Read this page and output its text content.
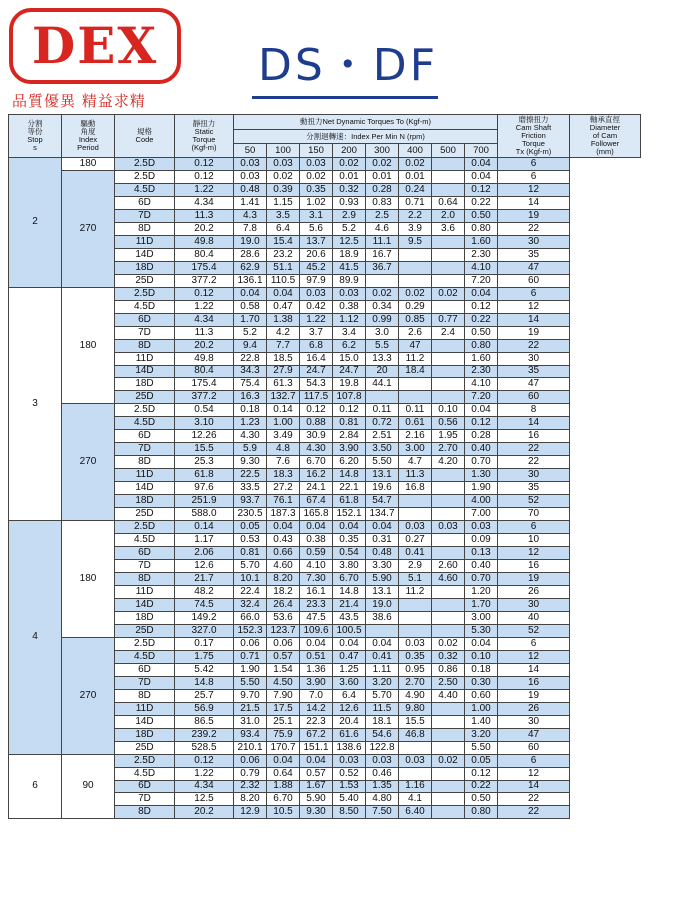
DEX
品質優異 精益求精
DS・DF
分割
等份
Stop
s	驅動
角度
Index
Period	規格
Code	靜扭力
Static
Torque
(Kgf-m)	動扭力Net Dynamic Torques To (Kgf-m)								磨擦扭力
Cam Shaft
Friction
Torque
Tx (Kgf-m)	軸承直徑
Diameter
of Cam
Follower
(mm)

				分割迴轉速：Index Per Min N (rpm)									
				50	100	150	200	300	400	500	700		
2	180	2.5D	0.12	0.03	0.03	0.03	0.02	0.02	0.02		0.04	6	
	270	2.5D	0.12	0.03	0.02	0.02	0.01	0.01	0.01		0.04	6	
		4.5D	1.22	0.48	0.39	0.35	0.32	0.28	0.24		0.12	12	
		6D	4.34	1.41	1.15	1.02	0.93	0.83	0.71	0.64	0.22	14	
		7D	11.3	4.3	3.5	3.1	2.9	2.5	2.2	2.0	0.50	19	
		8D	20.2	7.8	6.4	5.6	5.2	4.6	3.9	3.6	0.80	22	
		11D	49.8	19.0	15.4	13.7	12.5	11.1	9.5		1.60	30	
		14D	80.4	28.6	23.2	20.6	18.9	16.7			2.30	35	
		18D	175.4	62.9	51.1	45.2	41.5	36.7			4.10	47	
		25D	377.2	136.1	110.5	97.9	89.9				7.20	60	
3	180	2.5D	0.12	0.04	0.04	0.03	0.03	0.02	0.02	0.02	0.04	6	
		4.5D	1.22	0.58	0.47	0.42	0.38	0.34	0.29		0.12	12	
		6D	4.34	1.70	1.38	1.22	1.12	0.99	0.85	0.77	0.22	14	
		7D	11.3	5.2	4.2	3.7	3.4	3.0	2.6	2.4	0.50	19	
		8D	20.2	9.4	7.7	6.8	6.2	5.5	47		0.80	22	
		11D	49.8	22.8	18.5	16.4	15.0	13.3	11.2		1.60	30	
		14D	80.4	34.3	27.9	24.7	24.7	20	18.4		2.30	35	
		18D	175.4	75.4	61.3	54.3	19.8	44.1			4.10	47	
		25D	377.2	16.3	132.7	117.5	107.8				7.20	60	
	270	2.5D	0.54	0.18	0.14	0.12	0.12	0.11	0.11	0.10	0.04	8	
		4.5D	3.10	1.23	1.00	0.88	0.81	0.72	0.61	0.56	0.12	14	
		6D	12.26	4.30	3.49	30.9	2.84	2.51	2.16	1.95	0.28	16	
		7D	15.5	5.9	4.8	4.30	3.90	3.50	3.00	2.70	0.40	22	
		8D	25.3	9.30	7.6	6.70	6.20	5.50	4.7	4.20	0.70	22	
		11D	61.8	22.5	18.3	16.2	14.8	13.1	11.3		1.30	30	
		14D	97.6	33.5	27.2	24.1	22.1	19.6	16.8		1.90	35	
		18D	251.9	93.7	76.1	67.4	61.8	54.7			4.00	52	
		25D	588.0	230.5	187.3	165.8	152.1	134.7			7.00	70	
4	180	2.5D	0.14	0.05	0.04	0.04	0.04	0.04	0.03	0.03	0.03	6	
		4.5D	1.17	0.53	0.43	0.38	0.35	0.31	0.27		0.09	10	
		6D	2.06	0.81	0.66	0.59	0.54	0.48	0.41		0.13	12	
		7D	12.6	5.70	4.60	4.10	3.80	3.30	2.9	2.60	0.40	16	
		8D	21.7	10.1	8.20	7.30	6.70	5.90	5.1	4.60	0.70	19	
		11D	48.2	22.4	18.2	16.1	14.8	13.1	11.2		1.20	26	
		14D	74.5	32.4	26.4	23.3	21.4	19.0			1.70	30	
		18D	149.2	66.0	53.6	47.5	43.5	38.6			3.00	40	
		25D	327.0	152.3	123.7	109.6	100.5				5.30	52	
	270	2.5D	0.17	0.06	0.06	0.04	0.04	0.04	0.03	0.02	0.04	6	
		4.5D	1.75	0.71	0.57	0.51	0.47	0.41	0.35	0.32	0.10	12	
		6D	5.42	1.90	1.54	1.36	1.25	1.11	0.95	0.86	0.18	14	
		7D	14.8	5.50	4.50	3.90	3.60	3.20	2.70	2.50	0.30	16	
		8D	25.7	9.70	7.90	7.0	6.4	5.70	4.90	4.40	0.60	19	
		11D	56.9	21.5	17.5	14.2	12.6	11.5	9.80		1.00	26	
		14D	86.5	31.0	25.1	22.3	20.4	18.1	15.5		1.40	30	
		18D	239.2	93.4	75.9	67.2	61.6	54.6	46.8		3.20	47	
		25D	528.5	210.1	170.7	151.1	138.6	122.8			5.50	60	
6	90	2.5D	0.12	0.06	0.04	0.04	0.03	0.03	0.03	0.02	0.05	6	
		4.5D	1.22	0.79	0.64	0.57	0.52	0.46			0.12	12	
		6D	4.34	2.32	1.88	1.67	1.53	1.35	1.16		0.22	14	
		7D	12.5	8.20	6.70	5.90	5.40	4.80	4.1		0.50	22	
		8D	20.2	12.9	10.5	9.30	8.50	7.50	6.40		0.80	22	
